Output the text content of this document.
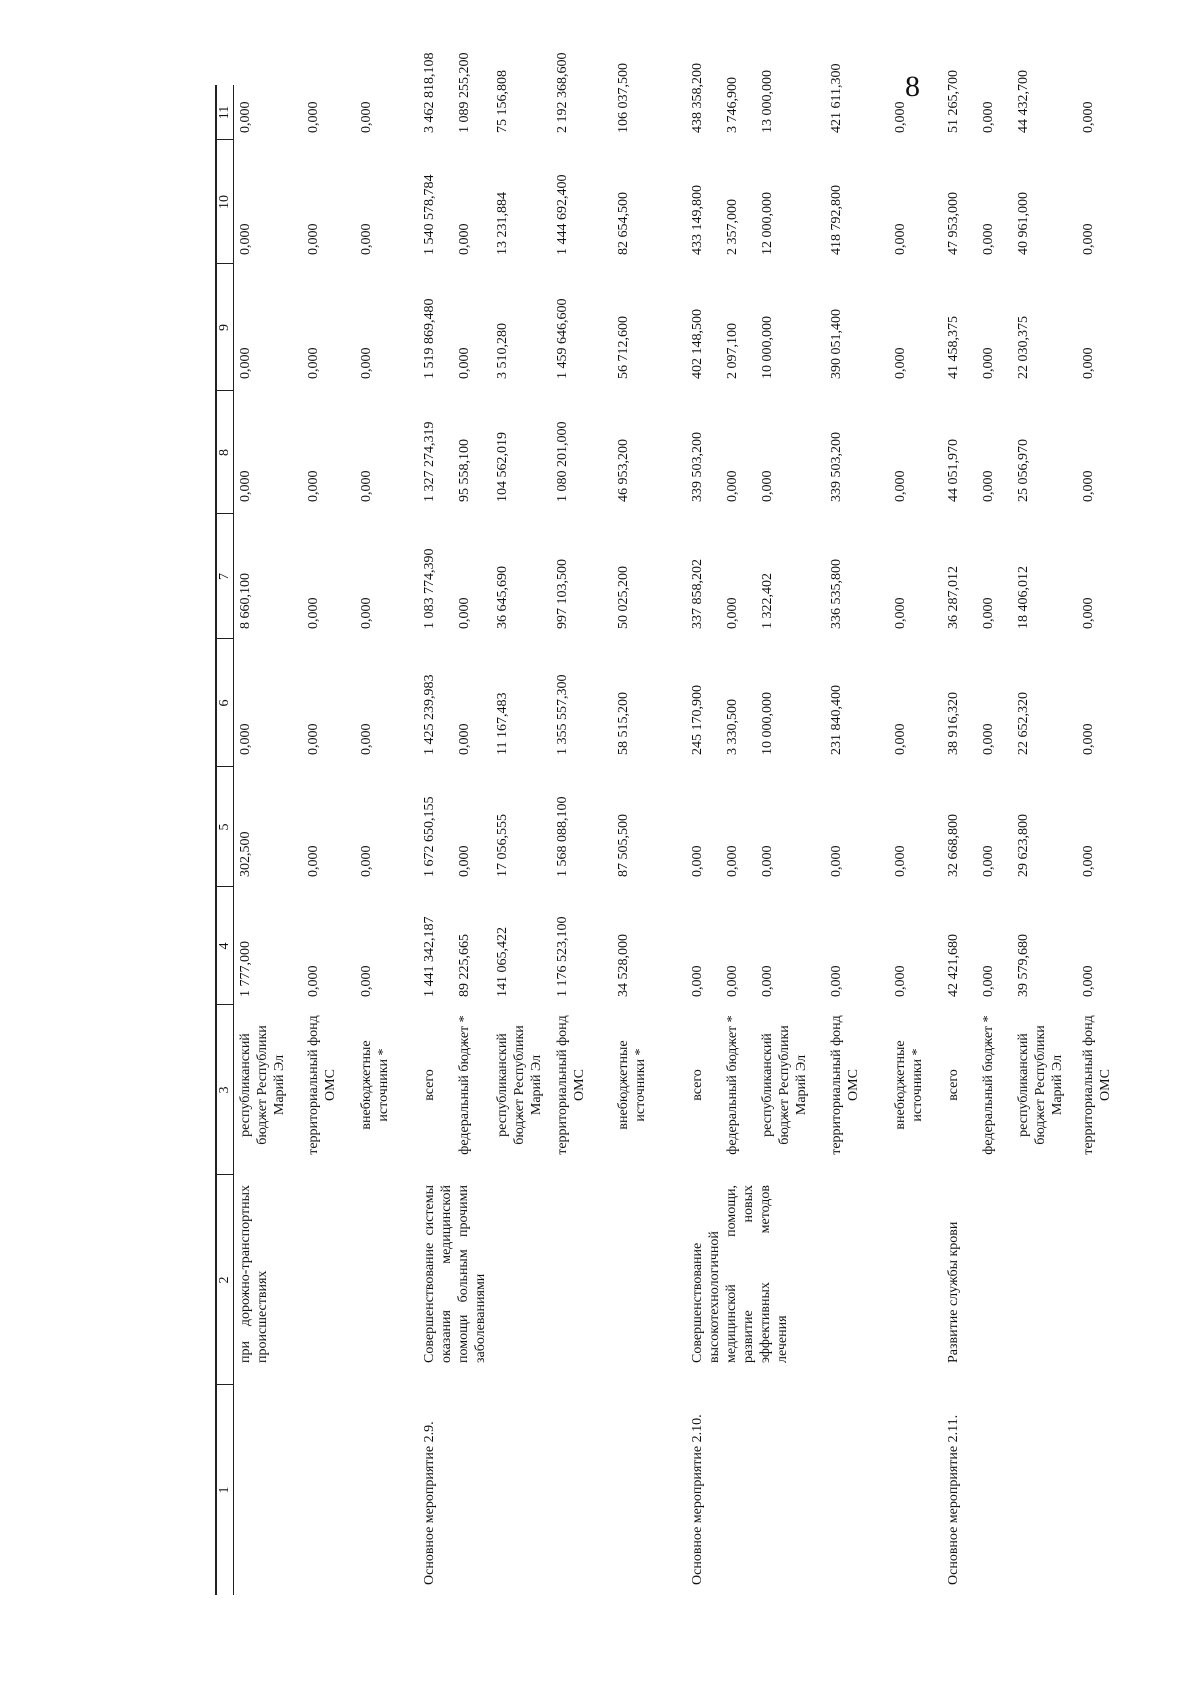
8
1
2
3
4
5
6
7
8
9
10
11
при дорожно-транспортных происшествиях
республиканский бюджет Республики Марий Эл
1 777,000
302,500
0,000
8 660,100
0,000
0,000
0,000
0,000
территориальный фонд ОМС
0,000
0,000
0,000
0,000
0,000
0,000
0,000
0,000
внебюджетные источники *
0,000
0,000
0,000
0,000
0,000
0,000
0,000
0,000
Основное мероприятие 2.9.
Совершенствование системы оказания медицинской помощи больным прочими заболеваниями
всего
1 441 342,187
1 672 650,155
1 425 239,983
1 083 774,390
1 327 274,319
1 519 869,480
1 540 578,784
3 462 818,108
федеральный бюджет *
89 225,665
0,000
0,000
0,000
95 558,100
0,000
0,000
1 089 255,200
республиканский бюджет Республики Марий Эл
141 065,422
17 056,555
11 167,483
36 645,690
104 562,019
3 510,280
13 231,884
75 156,808
территориальный фонд ОМС
1 176 523,100
1 568 088,100
1 355 557,300
997 103,500
1 080 201,000
1 459 646,600
1 444 692,400
2 192 368,600
внебюджетные источники *
34 528,000
87 505,500
58 515,200
50 025,200
46 953,200
56 712,600
82 654,500
106 037,500
Основное мероприятие 2.10.
Совершенствование высокотехнологичной медицинской помощи, развитие новых эффективных методов лечения
всего
0,000
0,000
245 170,900
337 858,202
339 503,200
402 148,500
433 149,800
438 358,200
федеральный бюджет *
0,000
0,000
3 330,500
0,000
0,000
2 097,100
2 357,000
3 746,900
республиканский бюджет Республики Марий Эл
0,000
0,000
10 000,000
1 322,402
0,000
10 000,000
12 000,000
13 000,000
территориальный фонд ОМС
0,000
0,000
231 840,400
336 535,800
339 503,200
390 051,400
418 792,800
421 611,300
внебюджетные источники *
0,000
0,000
0,000
0,000
0,000
0,000
0,000
0,000
Основное мероприятие 2.11.
Развитие службы крови
всего
42 421,680
32 668,800
38 916,320
36 287,012
44 051,970
41 458,375
47 953,000
51 265,700
федеральный бюджет *
0,000
0,000
0,000
0,000
0,000
0,000
0,000
0,000
республиканский бюджет Республики Марий Эл
39 579,680
29 623,800
22 652,320
18 406,012
25 056,970
22 030,375
40 961,000
44 432,700
территориальный фонд ОМС
0,000
0,000
0,000
0,000
0,000
0,000
0,000
0,000
